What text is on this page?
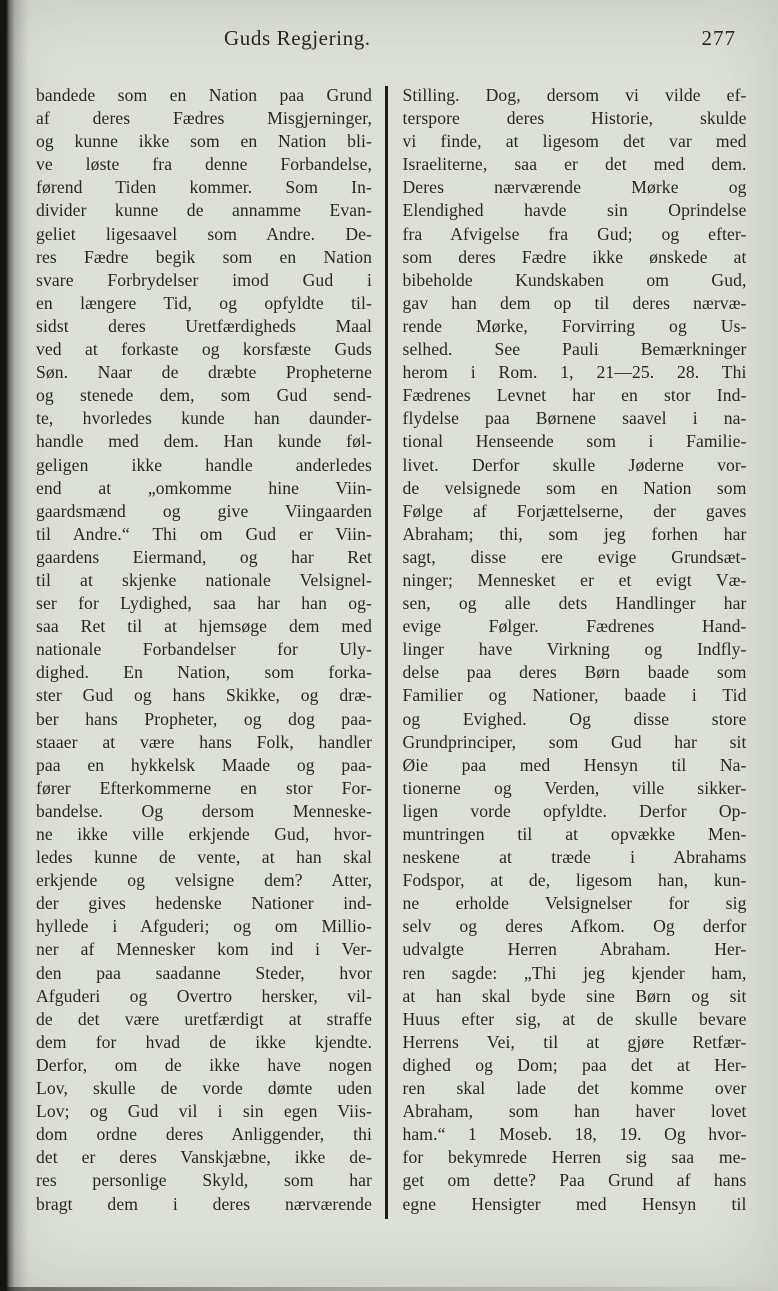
Guds Regjering.	277
bandede som en Nation paa Grund
af deres Fædres Misgjerninger,
og kunne ikke som en Nation bli-
ve løste fra denne Forbandelse,
førend Tiden kommer. Som In-
divider kunne de annamme Evan-
geliet ligesaavel som Andre. De-
res Fædre begik som en Nation
svare Forbrydelser imod Gud i
en længere Tid, og opfyldte til-
sidst deres Uretfærdigheds Maal
ved at forkaste og korsfæste Guds
Søn. Naar de dræbte Propheterne
og stenede dem, som Gud send-
te, hvorledes kunde han daunder-
handle med dem. Han kunde føl-
geligen ikke handle anderledes
end at „omkomme hine Viin-
gaardsmænd og give Viingaarden
til Andre.“ Thi om Gud er Viin-
gaardens Eiermand, og har Ret
til at skjenke nationale Velsignel-
ser for Lydighed, saa har han og-
saa Ret til at hjemsøge dem med
nationale Forbandelser for Uly-
dighed. En Nation, som forka-
ster Gud og hans Skikke, og dræ-
ber hans Propheter, og dog paa-
staaer at være hans Folk, handler
paa en hykkelsk Maade og paa-
fører Efterkommerne en stor For-
bandelse. Og dersom Menneske-
ne ikke ville erkjende Gud, hvor-
ledes kunne de vente, at han skal
erkjende og velsigne dem? Atter,
der gives hedenske Nationer ind-
hyllede i Afguderi; og om Millio-
ner af Mennesker kom ind i Ver-
den paa saadanne Steder, hvor
Afguderi og Overtro hersker, vil-
de det være uretfærdigt at straffe
dem for hvad de ikke kjendte.
Derfor, om de ikke have nogen
Lov, skulle de vorde dømte uden
Lov; og Gud vil i sin egen Viis-
dom ordne deres Anliggender, thi
det er deres Vanskjæbne, ikke de-
res personlige Skyld, som har
bragt dem i deres nærværende
Stilling. Dog, dersom vi vilde ef-
terspore deres Historie, skulde
vi finde, at ligesom det var med
Israeliterne, saa er det med dem.
Deres nærværende Mørke og
Elendighed havde sin Oprindelse
fra Afvigelse fra Gud; og efter-
som deres Fædre ikke ønskede at
bibeholde Kundskaben om Gud,
gav han dem op til deres nærvæ-
rende Mørke, Forvirring og Us-
selhed. See Pauli Bemærkninger
herom i Rom. 1, 21—25. 28. Thi
Fædrenes Levnet har en stor Ind-
flydelse paa Børnene saavel i na-
tional Henseende som i Familie-
livet. Derfor skulle Jøderne vor-
de velsignede som en Nation som
Følge af Forjættelserne, der gaves
Abraham; thi, som jeg forhen har
sagt, disse ere evige Grundsæt-
ninger; Mennesket er et evigt Væ-
sen, og alle dets Handlinger har
evige Følger. Fædrenes Hand-
linger have Virkning og Indfly-
delse paa deres Børn baade som
Familier og Nationer, baade i Tid
og Evighed. Og disse store
Grundprinciper, som Gud har sit
Øie paa med Hensyn til Na-
tionerne og Verden, ville sikker-
ligen vorde opfyldte. Derfor Op-
muntringen til at opvække Men-
neskene at træde i Abrahams
Fodspor, at de, ligesom han, kun-
ne erholde Velsignelser for sig
selv og deres Afkom. Og derfor
udvalgte Herren Abraham. Her-
ren sagde: „Thi jeg kjender ham,
at han skal byde sine Børn og sit
Huus efter sig, at de skulle bevare
Herrens Vei, til at gjøre Retfær-
dighed og Dom; paa det at Her-
ren skal lade det komme over
Abraham, som han haver lovet
ham.“ 1 Moseb. 18, 19. Og hvor-
for bekymrede Herren sig saa me-
get om dette? Paa Grund af hans
egne Hensigter med Hensyn til
